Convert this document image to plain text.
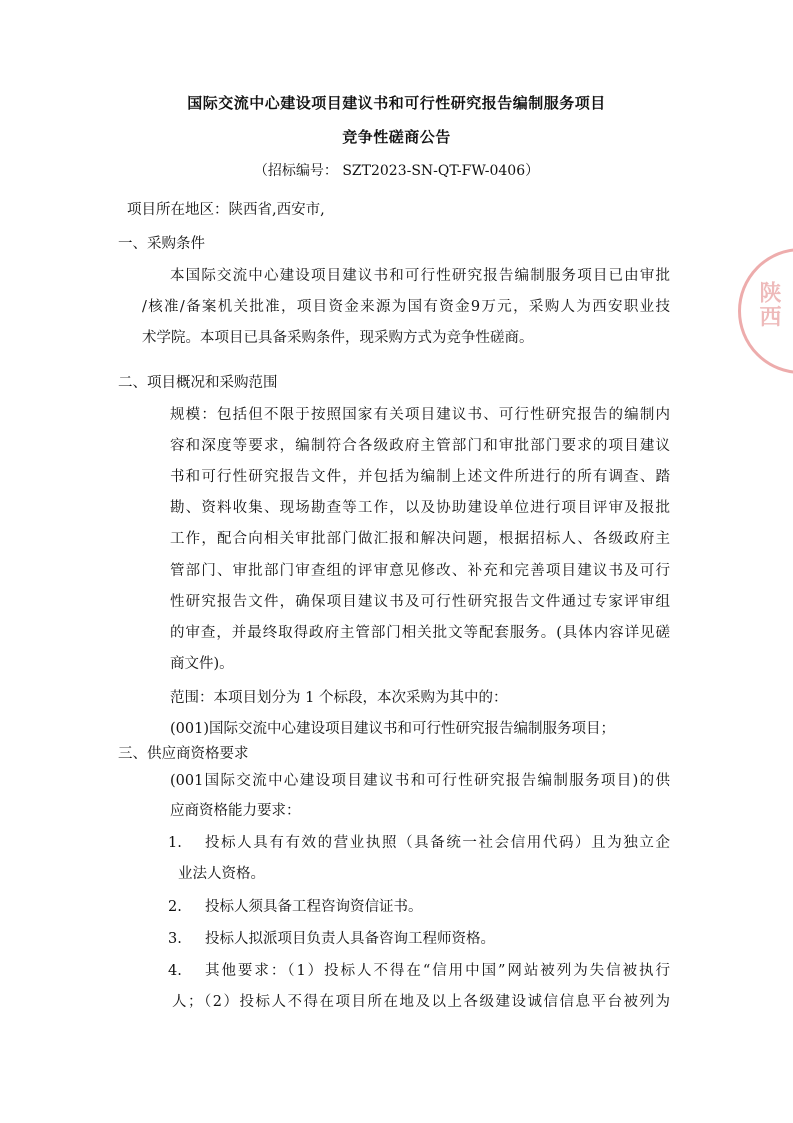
国际交流中心建设项目建议书和可行性研究报告编制服务项目
竞争性磋商公告
（招标编号： SZT2023-SN-QT-FW-0406）
项目所在地区：陕西省,西安市,
一、采购条件
本国际交流中心建设项目建议书和可行性研究报告编制服务项目已由审批
/核准/备案机关批准，项目资金来源为国有资金9万元，采购人为西安职业技
术学院。本项目已具备采购条件，现采购方式为竞争性磋商。
二、项目概况和采购范围
规模：包括但不限于按照国家有关项目建议书、可行性研究报告的编制内
容和深度等要求，编制符合各级政府主管部门和审批部门要求的项目建议
书和可行性研究报告文件，并包括为编制上述文件所进行的所有调查、踏
勘、资料收集、现场勘查等工作，以及协助建设单位进行项目评审及报批
工作，配合向相关审批部门做汇报和解决问题，根据招标人、各级政府主
管部门、审批部门审查组的评审意见修改、补充和完善项目建议书及可行
性研究报告文件，确保项目建议书及可行性研究报告文件通过专家评审组
的审查，并最终取得政府主管部门相关批文等配套服务。(具体内容详见磋
商文件)。
范围：本项目划分为 1 个标段，本次采购为其中的：
(001)国际交流中心建设项目建议书和可行性研究报告编制服务项目；
三、供应商资格要求
(001国际交流中心建设项目建议书和可行性研究报告编制服务项目)的供
应商资格能力要求：
1. 投标人具有有效的营业执照（具备统一社会信用代码）且为独立企
业法人资格。
2. 投标人须具备工程咨询资信证书。
3. 投标人拟派项目负责人具备咨询工程师资格。
4. 其他要求：（1）投标人不得在“信用中国”网站被列为失信被执行
人；（2）投标人不得在项目所在地及以上各级建设诚信信息平台被列为
陕西
